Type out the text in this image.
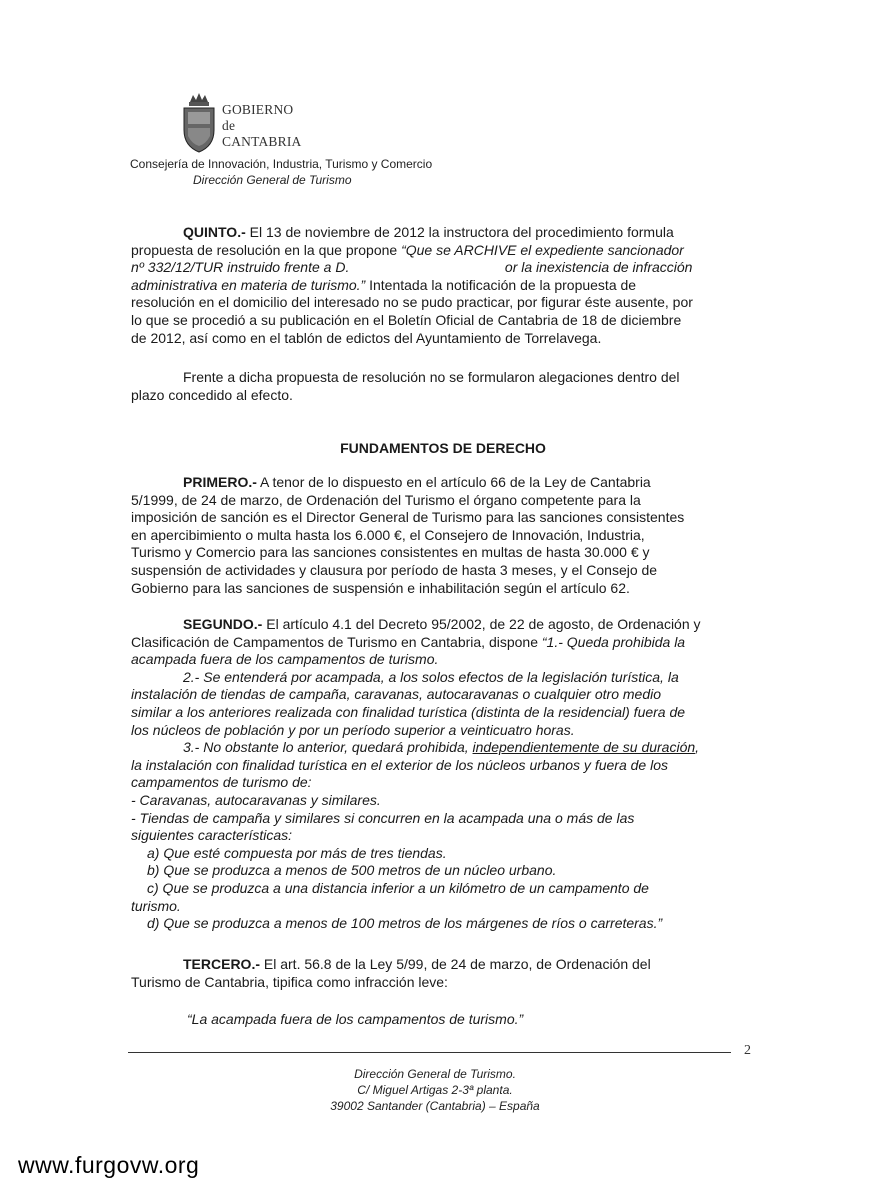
GOBIERNO
de
CANTABRIA
Consejería de Innovación, Industria, Turismo y Comercio
Dirección General de Turismo
QUINTO.- El 13 de noviembre de 2012 la instructora del procedimiento formula
propuesta de resolución en la que propone “Que se ARCHIVE el expediente sancionador
nº 332/12/TUR instruido frente a D.                                        or la inexistencia de infracción
administrativa en materia de turismo.” Intentada la notificación de la propuesta de
resolución en el domicilio del interesado no se pudo practicar, por figurar éste ausente, por
lo que se procedió a su publicación en el Boletín Oficial de Cantabria de 18 de diciembre
de 2012, así como en el tablón de edictos del Ayuntamiento de Torrelavega.
Frente a dicha propuesta de resolución no se formularon alegaciones dentro del
plazo concedido al efecto.
FUNDAMENTOS DE DERECHO
PRIMERO.- A tenor de lo dispuesto en el artículo 66 de la Ley de Cantabria
5/1999, de 24 de marzo, de Ordenación del Turismo el órgano competente para la
imposición de sanción es el Director General de Turismo para las sanciones consistentes
en apercibimiento o multa hasta los 6.000 €, el Consejero de Innovación, Industria,
Turismo y Comercio para las sanciones consistentes en multas de hasta 30.000 € y
suspensión de actividades y clausura por período de hasta 3 meses, y el Consejo de
Gobierno para las sanciones de suspensión e inhabilitación según el artículo 62.
SEGUNDO.- El artículo 4.1 del Decreto 95/2002, de 22 de agosto, de Ordenación y
Clasificación de Campamentos de Turismo en Cantabria, dispone “1.- Queda prohibida la
acampada fuera de los campamentos de turismo.
2.- Se entenderá por acampada, a los solos efectos de la legislación turística, la
instalación de tiendas de campaña, caravanas, autocaravanas o cualquier otro medio
similar a los anteriores realizada con finalidad turística (distinta de la residencial) fuera de
los núcleos de población y por un período superior a veinticuatro horas.
3.- No obstante lo anterior, quedará prohibida, independientemente de su duración,
la instalación con finalidad turística en el exterior de los núcleos urbanos y fuera de los
campamentos de turismo de:
- Caravanas, autocaravanas y similares.
- Tiendas de campaña y similares si concurren en la acampada una o más de las
siguientes características:
a) Que esté compuesta por más de tres tiendas.
b) Que se produzca a menos de 500 metros de un núcleo urbano.
c) Que se produzca a una distancia inferior a un kilómetro de un campamento de
turismo.
d) Que se produzca a menos de 100 metros de los márgenes de ríos o carreteras.”
TERCERO.- El art. 56.8 de la Ley 5/99, de 24 de marzo, de Ordenación del
Turismo de Cantabria, tipifica como infracción leve:
“La acampada fuera de los campamentos de turismo.”
2
Dirección General de Turismo.
C/ Miguel Artigas 2-3ª planta.
39002 Santander (Cantabria) – España
www.furgovw.org
